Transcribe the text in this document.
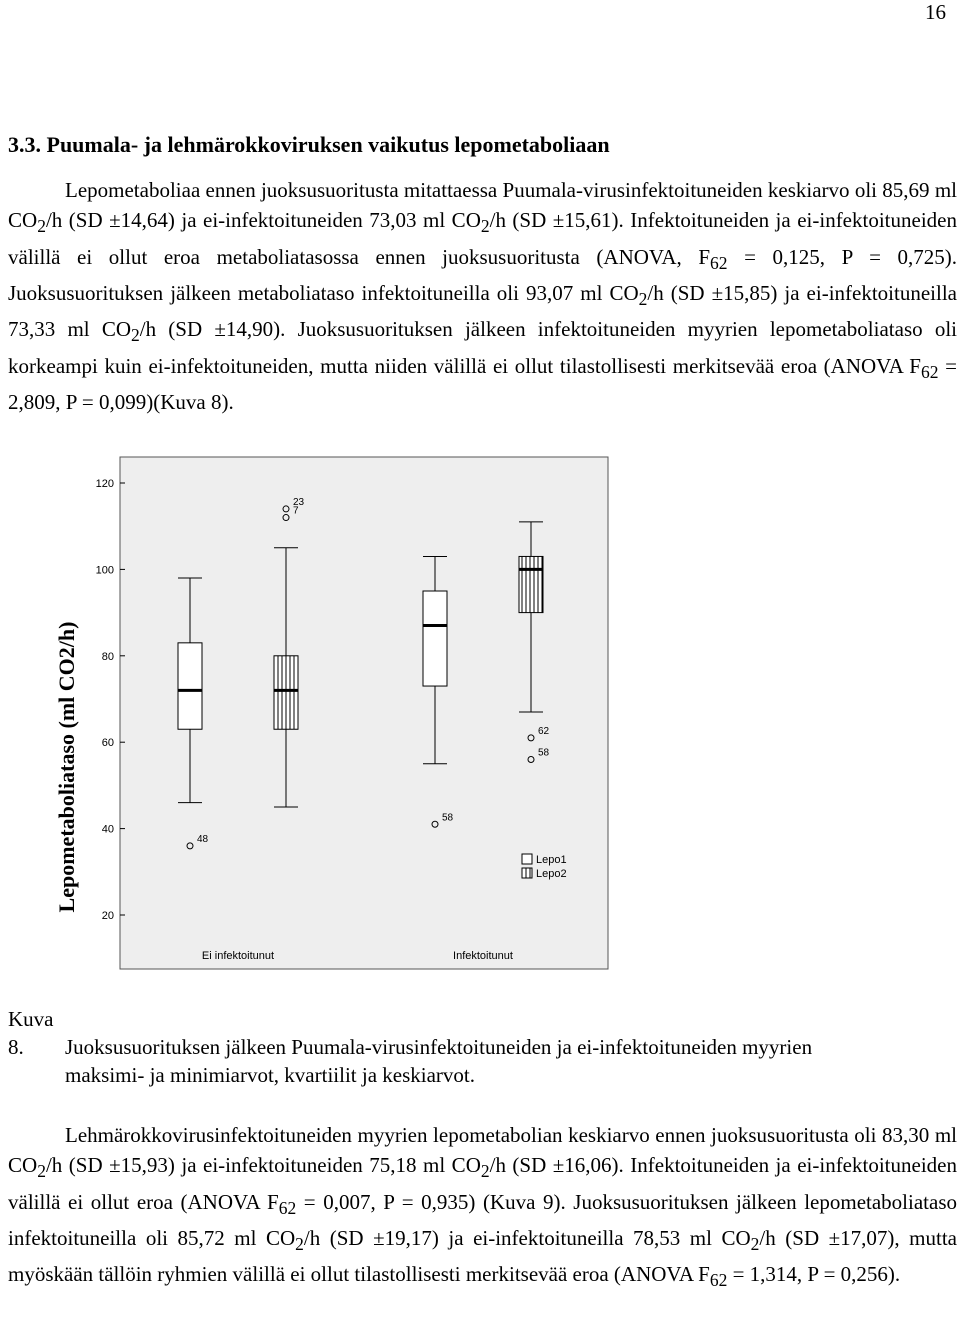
16
3.3. Puumala- ja lehmärokkoviruksen vaikutus lepometaboliaan

Lepometaboliaa ennen juoksusuoritusta mitattaessa Puumala-virusinfektoituneiden keskiarvo oli 85,69 ml $CO_2/h$ (SD ±14,64) ja ei-infektoituneiden 73,03 ml $CO_2/h$ (SD ±15,61). Infektoituneiden ja ei-infektoituneiden välillä ei ollut eroa metaboliatasossa ennen juoksusuoritusta (ANOVA, $F_{62} = 0,125$, P = 0,725). Juoksusuorituksen jälkeen metaboliataso infektoituneilla oli 93,07 ml $CO_2/h$ (SD ±15,85) ja ei-infektoituneilla 73,33 ml $CO_2/h$ (SD ±14,90). Juoksusuorituksen jälkeen infektoituneiden myyrien lepometaboliataso oli korkeampi kuin ei-infektoituneiden, mutta niiden välillä ei ollut tilastollisesti merkitsevää eroa (ANOVA $F_{62} = 2,809$, P = 0,099)(Kuva 8).

Lepometaboliataso (ml CO2/h)
20
40
60
80
100
120
Ei infektoitunut	Infektoitunut
48
58
23
7
62
58
Lepo1
Lepo2
Kuva 8. Juoksusuorituksen jälkeen Puumala-virusinfektoituneiden ja ei-infektoituneiden myyrien
maksimi- ja minimiarvot, kvartiilit ja keskiarvot.

Lehmärokkovirusinfektoituneiden myyrien lepometabolian keskiarvo ennen juoksusuoritusta oli 83,30 ml $CO_2/h$ (SD ±15,93) ja ei-infektoituneiden 75,18 ml $CO_2/h$ (SD ±16,06). Infektoituneiden ja ei-infektoituneiden välillä ei ollut eroa (ANOVA $F_{62} = 0,007$, P = 0,935) (Kuva 9). Juoksusuorituksen jälkeen lepometaboliataso infektoituneilla oli 85,72 ml $CO_2/h$ (SD ±19,17) ja ei-infektoituneilla 78,53 ml $CO_2/h$ (SD ±17,07), mutta myöskään tällöin ryhmien välillä ei ollut tilastollisesti merkitsevää eroa (ANOVA $F_{62} = 1,314$, P = 0,256).
